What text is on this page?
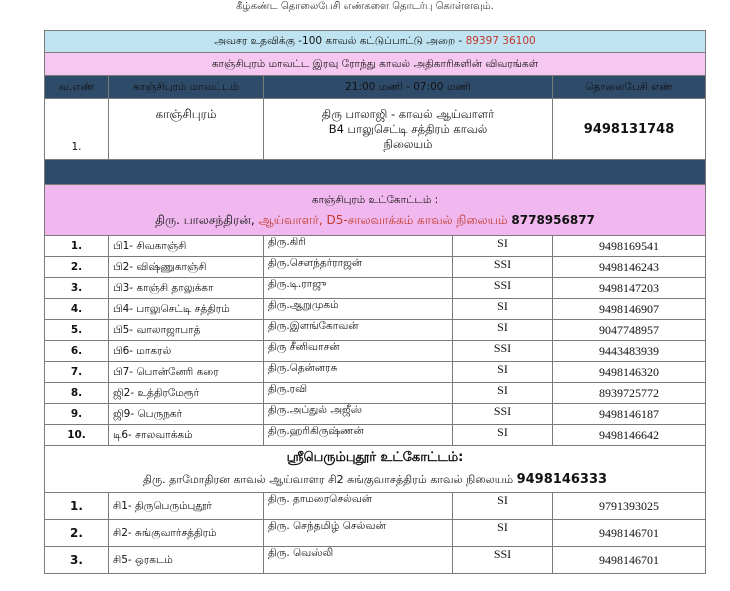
கீழ்கண்ட தொலைபேசி எண்களை தொடர்பு கொள்ளவும்.
அவசர உதவிக்கு -100 காவல் கட்டுப்பாட்டு அறை - 89397 36100			
காஞ்சிபுரம் மாவட்ட இரவு ரோந்து காவல் அதிகாரிகளின் விவரங்கள்			
வ.எண்	காஞ்சிபுரம் மாவட்டம்	21:00 மணி - 07:00 மணி	தொலைபேசி எண்
1.	காஞ்சிபுரம்	திரு பாலாஜி - காவல் ஆய்வாளர்
B4 பாலுசெட்டி சத்திரம் காவல்
நிலையம்	9498131748

காஞ்சிபுரம் உட்கோட்டம் :
திரு. பாலசந்திரன், ஆய்வாளர், D5-சாலவாக்கம் காவல் நிலையம் 8778956877			

1.	பி1- சிவகாஞ்சி	திரு.கிரி SI	9498169541
2.	பி2- விஷ்ணுகாஞ்சி	திரு.சௌந்தர்ராஜன் SSI	9498146243
3.	பி3- காஞ்சி தாலுக்கா	திரு.டி.ராஜு SSI	9498147203
4.	பி4- பாலுசெட்டி சத்திரம்	திரு.ஆறுமுகம் SI	9498146907
5.	பி5- வாலாஜாபாத்	திரு.இளங்கோவன் SI	9047748957
6.	பி6- மாகரல்	திரு சீனிவாசன் SSI	9443483939
7.	பி7- பொன்னேரி கரை	திரு.தென்னரசு SI	9498146320
8.	ஜி2- உத்திரமேரூர்	திரு.ரவி SI	8939725772
9.	ஜி9- பெருநகர்	திரு.அப்துல் அஜீஸ் SSI	9498146187
10.	டி6- சாலவாக்கம்	திரு.ஹரிகிருஷ்ணன் SI	9498146642

ஸ்ரீபெரும்புதூர் உட்கோட்டம்:
திரு. தாமோதிரன காவல் ஆய்வாளர சி2 சுங்குவாசத்திரம் காவல் நிலையம் 9498146333			

1.	சி1- திருபெரும்புதூர்	திரு. தாமரைசெல்வன் SI	9791393025
2.	சி2- சுங்குவார்சத்திரம்	திரு. செந்தமிழ் செல்வன் SI	9498146701
3.	சி5- ஒரகடம்	திரு. வெஸ்லி SSI	9498146701
